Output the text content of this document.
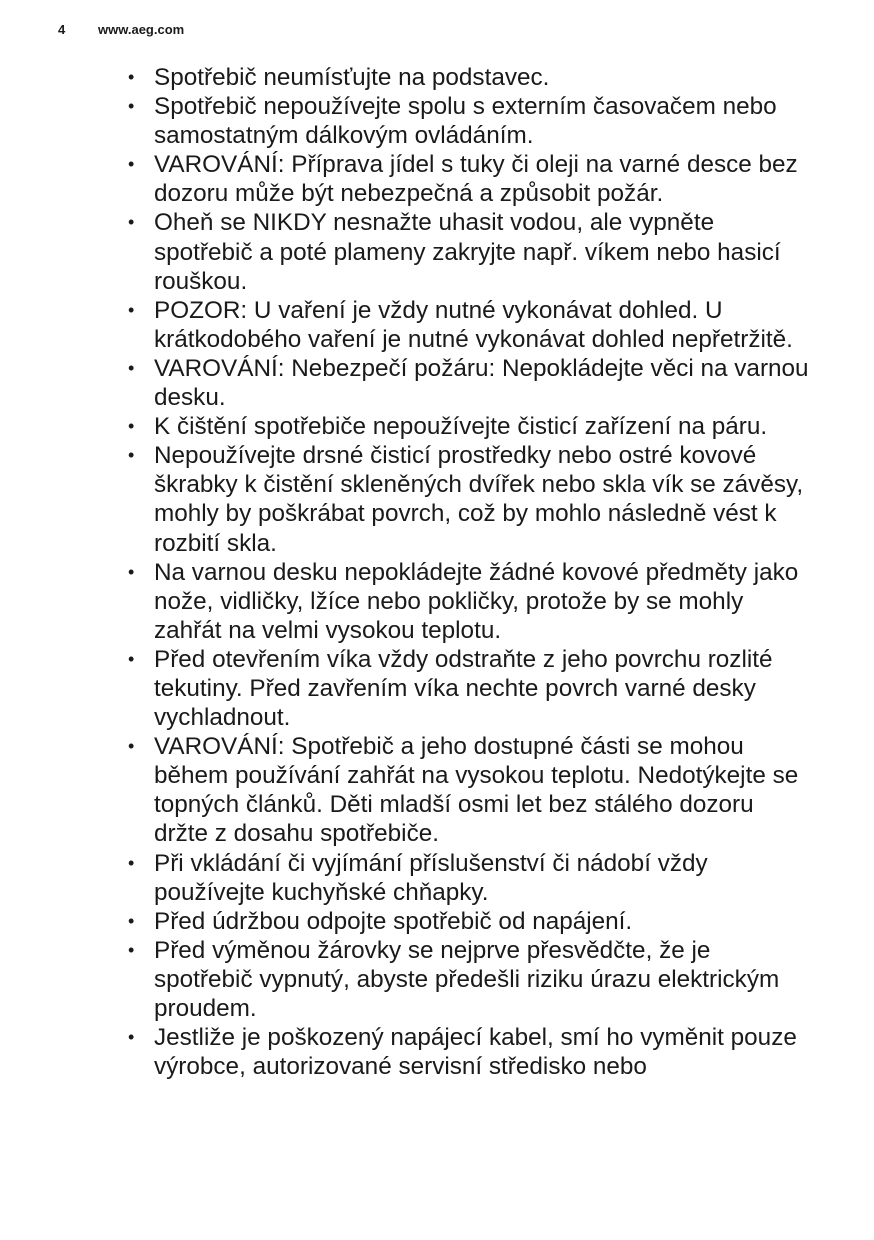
4	www.aeg.com
• Spotřebič neumísťujte na podstavec.
• Spotřebič nepoužívejte spolu s externím časovačem nebo samostatným dálkovým ovládáním.
• VAROVÁNÍ: Příprava jídel s tuky či oleji na varné desce bez dozoru může být nebezpečná a způsobit požár.
• Oheň se NIKDY nesnažte uhasit vodou, ale vypněte spotřebič a poté plameny zakryjte např. víkem nebo hasicí rouškou.
• POZOR: U vaření je vždy nutné vykonávat dohled. U krátkodobého vaření je nutné vykonávat dohled nepřetržitě.
• VAROVÁNÍ: Nebezpečí požáru: Nepokládejte věci na varnou desku.
• K čištění spotřebiče nepoužívejte čisticí zařízení na páru.
• Nepoužívejte drsné čisticí prostředky nebo ostré kovové škrabky k čistění skleněných dvířek nebo skla vík se závěsy, mohly by poškrábat povrch, což by mohlo následně vést k rozbití skla.
• Na varnou desku nepokládejte žádné kovové předměty jako nože, vidličky, lžíce nebo pokličky, protože by se mohly zahřát na velmi vysokou teplotu.
• Před otevřením víka vždy odstraňte z jeho povrchu rozlité tekutiny. Před zavřením víka nechte povrch varné desky vychladnout.
• VAROVÁNÍ: Spotřebič a jeho dostupné části se mohou během používání zahřát na vysokou teplotu. Nedotýkejte se topných článků. Děti mladší osmi let bez stálého dozoru držte z dosahu spotřebiče.
• Při vkládání či vyjímání příslušenství či nádobí vždy používejte kuchyňské chňapky.
• Před údržbou odpojte spotřebič od napájení.
• Před výměnou žárovky se nejprve přesvědčte, že je spotřebič vypnutý, abyste předešli riziku úrazu elektrickým proudem.
• Jestliže je poškozený napájecí kabel, smí ho vyměnit pouze výrobce, autorizované servisní středisko nebo
